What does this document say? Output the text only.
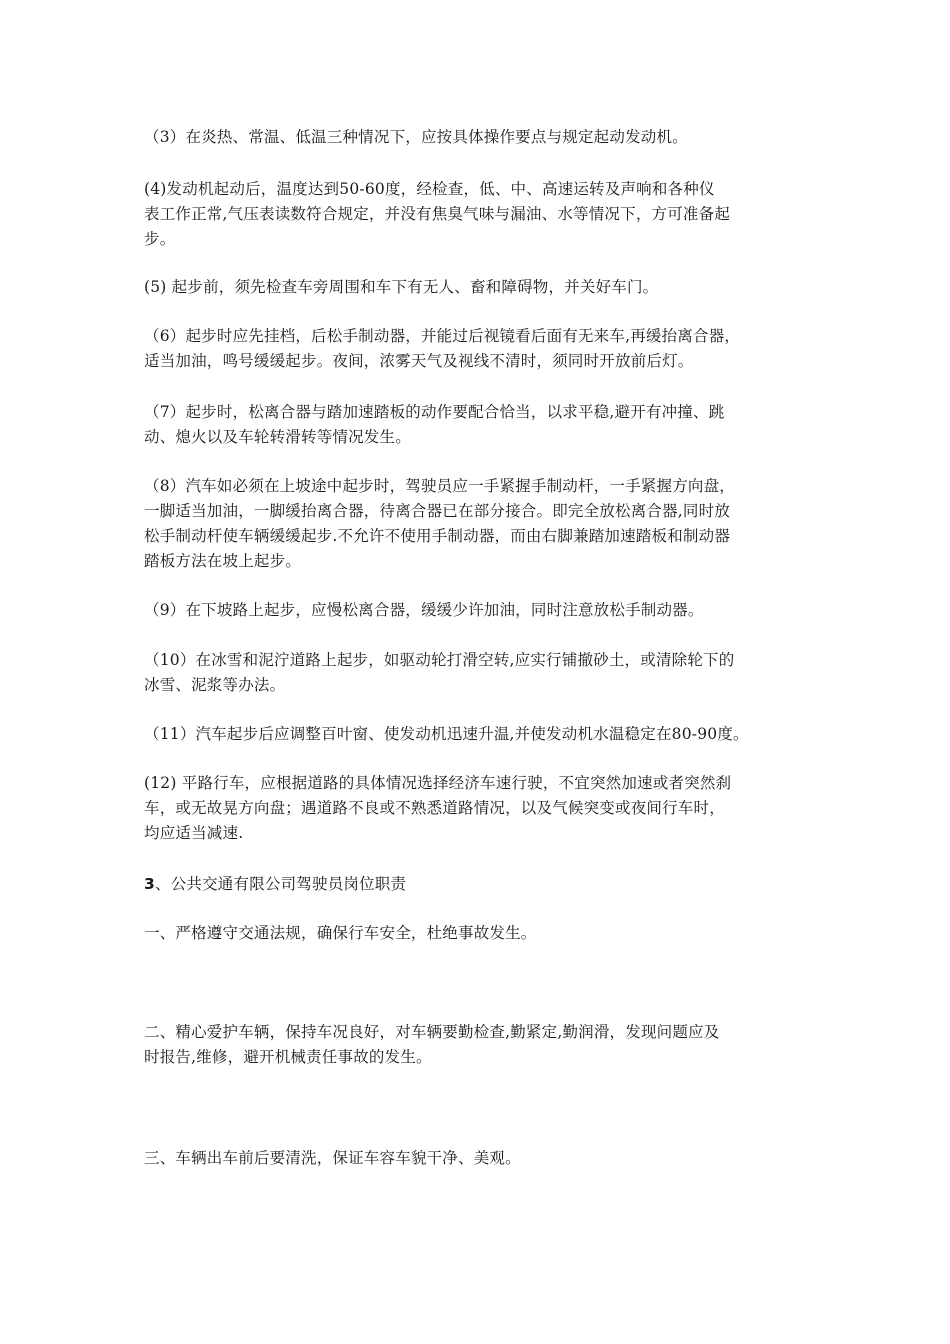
（3）在炎热、常温、低温三种情况下，应按具体操作要点与规定起动发动机。

(4)发动机起动后，温度达到50-60度，经检查，低、中、高速运转及声响和各种仪
表工作正常,气压表读数符合规定，并没有焦臭气味与漏油、水等情况下，方可准备起
步。

(5) 起步前，须先检查车旁周围和车下有无人、畜和障碍物，并关好车门。

（6）起步时应先挂档，后松手制动器，并能过后视镜看后面有无来车,再缓抬离合器，
适当加油，鸣号缓缓起步。夜间，浓雾天气及视线不清时，须同时开放前后灯。

（7）起步时，松离合器与踏加速踏板的动作要配合恰当，以求平稳,避开有冲撞、跳
动、熄火以及车轮转滑转等情况发生。

（8）汽车如必须在上坡途中起步时，驾驶员应一手紧握手制动杆，一手紧握方向盘，
一脚适当加油，一脚缓抬离合器，待离合器已在部分接合。即完全放松离合器,同时放
松手制动杆使车辆缓缓起步.不允许不使用手制动器，而由右脚兼踏加速踏板和制动器
踏板方法在坡上起步。

（9）在下坡路上起步，应慢松离合器，缓缓少许加油，同时注意放松手制动器。

（10）在冰雪和泥泞道路上起步，如驱动轮打滑空转,应实行铺撤砂土，或清除轮下的
冰雪、泥浆等办法。

（11）汽车起步后应调整百叶窗、使发动机迅速升温,并使发动机水温稳定在80-90度。

(12) 平路行车，应根据道路的具体情况选择经济车速行驶，不宜突然加速或者突然刹
车，或无故晃方向盘；遇道路不良或不熟悉道路情况，以及气候突变或夜间行车时，
均应适当减速.

3、公共交通有限公司驾驶员岗位职责

一、严格遵守交通法规，确保行车安全，杜绝事故发生。

二、精心爱护车辆，保持车况良好，对车辆要勤检查,勤紧定,勤润滑，发现问题应及
时报告,维修，避开机械责任事故的发生。

三、车辆出车前后要清洗，保证车容车貌干净、美观。
